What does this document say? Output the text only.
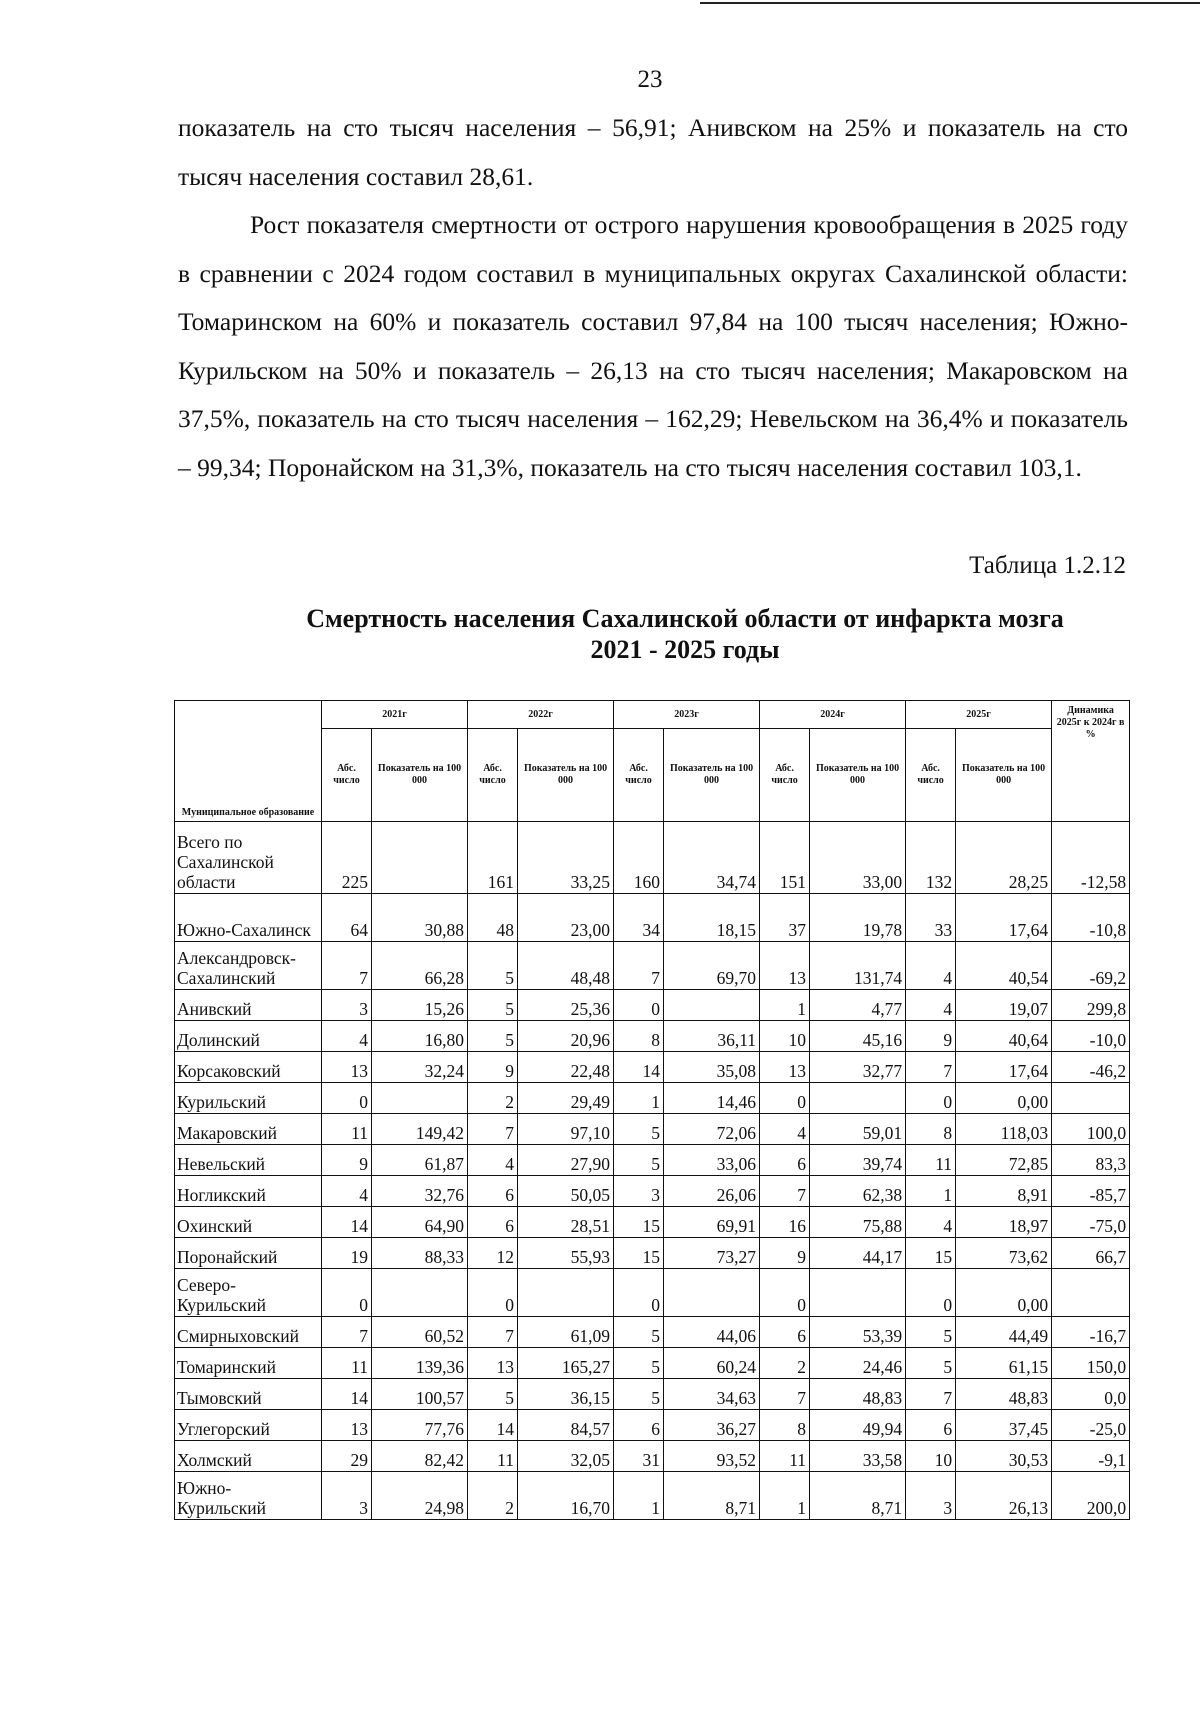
23

показатель на сто тысяч населения – 56,91; Анивском на 25% и показатель на сто тысяч населения составил 28,61.

Рост показателя смертности от острого нарушения кровообращения в 2025 году в сравнении с 2024 годом составил в муниципальных округах Сахалинской области: Томаринском на 60% и показатель составил 97,84 на 100 тысяч населения; Южно-Курильском на 50% и показатель – 26,13 на сто тысяч населения; Макаровском на 37,5%, показатель на сто тысяч населения – 162,29; Невельском на 36,4% и показатель – 99,34; Поронайском на 31,3%, показатель на сто тысяч населения составил 103,1.

Таблица 1.2.12
Смертность населения Сахалинской области от инфаркта мозга
2021 - 2025 годы
Муниципальное образование	2021г		2022г		2023г		2024г		2025г		Динамика 2025г к 2024г в %
	Абс. число	Показатель на 100 000	Абс. число	Показатель на 100 000	Абс. число	Показатель на 100 000	Абс. число	Показатель на 100 000	Абс. число	Показатель на 100 000	
Всего по Сахалинской области	225		161	33,25	160	34,74	151	33,00	132	28,25	-12,58
Южно-Сахалинск	64	30,88	48	23,00	34	18,15	37	19,78	33	17,64	-10,8
Александровск-Сахалинский	7	66,28	5	48,48	7	69,70	13	131,74	4	40,54	-69,2
Анивский	3	15,26	5	25,36	0		1	4,77	4	19,07	299,8
Долинский	4	16,80	5	20,96	8	36,11	10	45,16	9	40,64	-10,0
Корсаковский	13	32,24	9	22,48	14	35,08	13	32,77	7	17,64	-46,2
Курильский	0		2	29,49	1	14,46	0		0	0,00	
Макаровский	11	149,42	7	97,10	5	72,06	4	59,01	8	118,03	100,0
Невельский	9	61,87	4	27,90	5	33,06	6	39,74	11	72,85	83,3
Ногликский	4	32,76	6	50,05	3	26,06	7	62,38	1	8,91	-85,7
Охинский	14	64,90	6	28,51	15	69,91	16	75,88	4	18,97	-75,0
Поронайский	19	88,33	12	55,93	15	73,27	9	44,17	15	73,62	66,7
Северо-Курильский	0		0		0		0		0	0,00	
Смирныховский	7	60,52	7	61,09	5	44,06	6	53,39	5	44,49	-16,7
Томаринский	11	139,36	13	165,27	5	60,24	2	24,46	5	61,15	150,0
Тымовский	14	100,57	5	36,15	5	34,63	7	48,83	7	48,83	0,0
Углегорский	13	77,76	14	84,57	6	36,27	8	49,94	6	37,45	-25,0
Холмский	29	82,42	11	32,05	31	93,52	11	33,58	10	30,53	-9,1
Южно-Курильский	3	24,98	2	16,70	1	8,71	1	8,71	3	26,13	200,0
